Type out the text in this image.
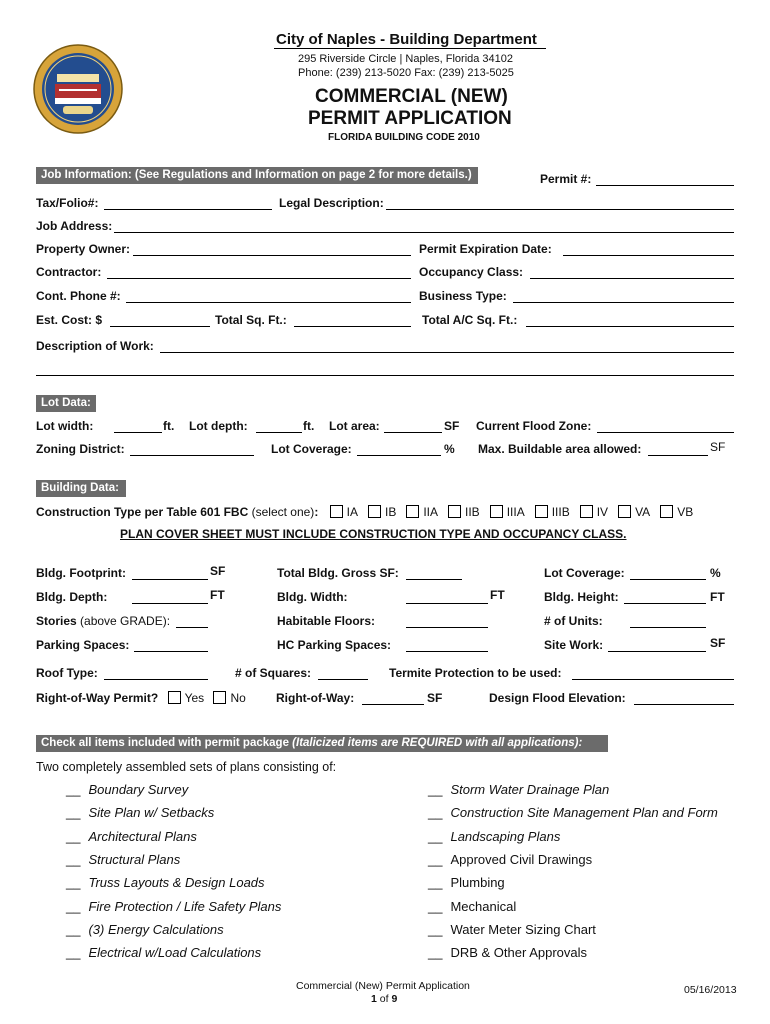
City of Naples - Building Department
295 Riverside Circle | Naples, Florida 34102
Phone: (239) 213-5020 Fax: (239) 213-5025
COMMERCIAL (NEW)
PERMIT APPLICATION
FLORIDA BUILDING CODE 2010
Job Information: (See Regulations and Information on page 2 for more details.)	Permit #:
Tax/Folio#:	Legal Description:
Job Address:
Property Owner:	Permit Expiration Date:
Contractor:	Occupancy Class:
Cont. Phone #:	Business Type:
Est. Cost: $	Total Sq. Ft.:	Total A/C Sq. Ft.:
Description of Work:
Lot Data:
Lot width:	ft. Lot depth:	ft. Lot area:	SF Current Flood Zone:
Zoning District:	Lot Coverage:	% Max. Buildable area allowed:	SF
Building Data:
Construction Type per Table 601 FBC (select one): IA IB IIA IIB IIIA IIIB IV VA VB
PLAN COVER SHEET MUST INCLUDE CONSTRUCTION TYPE AND OCCUPANCY CLASS.
Bldg. Footprint:	SF	Total Bldg. Gross SF:	Lot Coverage:	%
Bldg. Depth:	FT	Bldg. Width:	FT	Bldg. Height:	FT
Stories (above GRADE):	Habitable Floors:	# of Units:
Parking Spaces:	HC Parking Spaces:	Site Work:	SF
Roof Type:	# of Squares:	Termite Protection to be used:
Right-of-Way Permit? Yes No	Right-of-Way:	SF	Design Flood Elevation:
Check all items included with permit package (Italicized items are REQUIRED with all applications):
Two completely assembled sets of plans consisting of:
__ Boundary Survey
__ Site Plan w/ Setbacks
__ Architectural Plans
__ Structural Plans
__ Truss Layouts & Design Loads
__ Fire Protection / Life Safety Plans
__ (3) Energy Calculations
__ Electrical w/Load Calculations
__ Storm Water Drainage Plan
__ Construction Site Management Plan and Form
__ Landscaping Plans
__ Approved Civil Drawings
__ Plumbing
__ Mechanical
__ Water Meter Sizing Chart
__ DRB & Other Approvals
Commercial (New) Permit Application
1 of 9
05/16/2013
